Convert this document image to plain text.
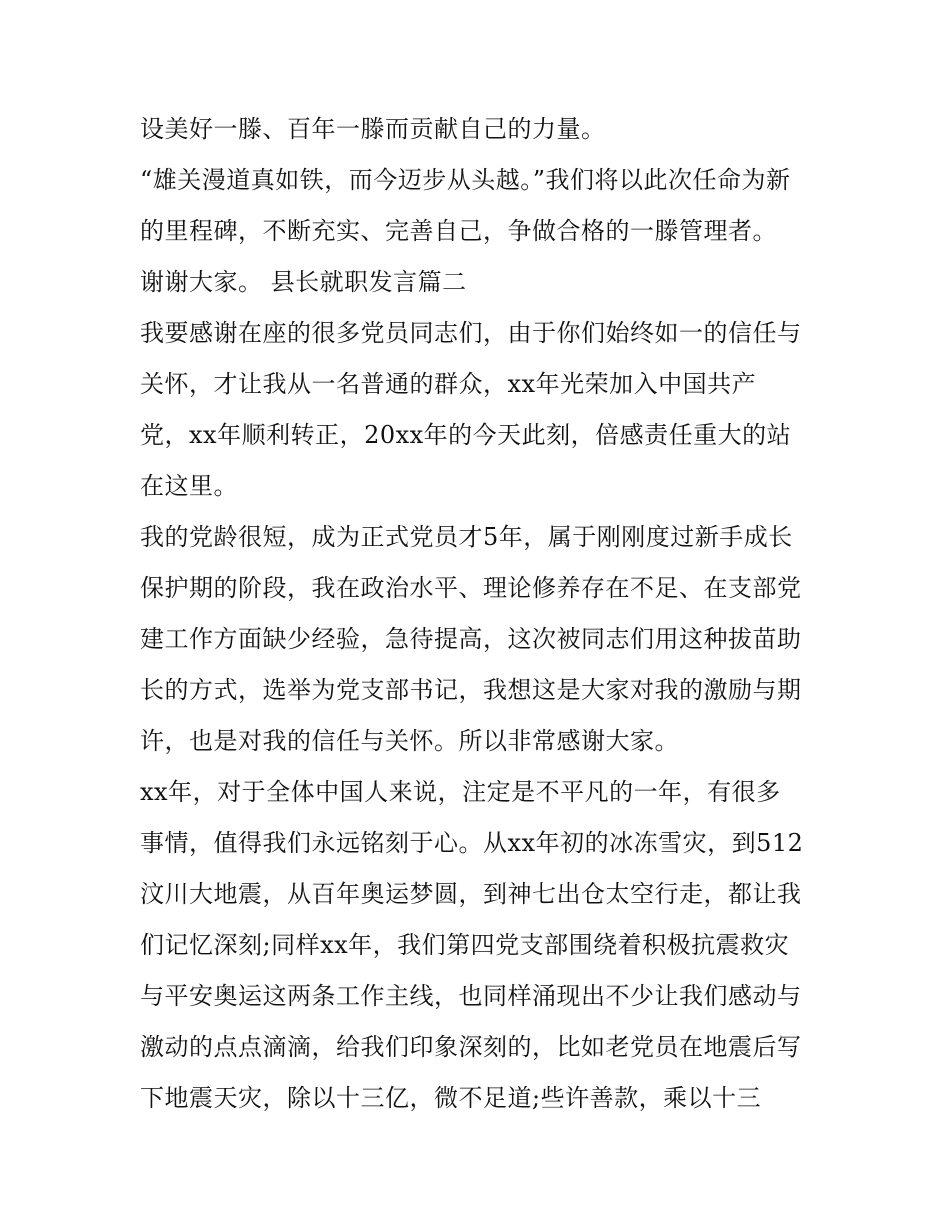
设美好一滕、百年一滕而贡献自己的力量。
“雄关漫道真如铁，而今迈步从头越。”我们将以此次任命为新
的里程碑，不断充实、完善自己，争做合格的一滕管理者。
谢谢大家。 县长就职发言篇二
我要感谢在座的很多党员同志们，由于你们始终如一的信任与
关怀，才让我从一名普通的群众，xx年光荣加入中国共产
党，xx年顺利转正，20xx年的今天此刻，倍感责任重大的站
在这里。
我的党龄很短，成为正式党员才5年，属于刚刚度过新手成长
保护期的阶段，我在政治水平、理论修养存在不足、在支部党
建工作方面缺少经验，急待提高，这次被同志们用这种拔苗助
长的方式，选举为党支部书记，我想这是大家对我的激励与期
许，也是对我的信任与关怀。所以非常感谢大家。
xx年，对于全体中国人来说，注定是不平凡的一年，有很多
事情，值得我们永远铭刻于心。从xx年初的冰冻雪灾，到512
汶川大地震，从百年奥运梦圆，到神七出仓太空行走，都让我
们记忆深刻;同样xx年，我们第四党支部围绕着积极抗震救灾
与平安奥运这两条工作主线，也同样涌现出不少让我们感动与
激动的点点滴滴，给我们印象深刻的，比如老党员在地震后写
下地震天灾，除以十三亿，微不足道;些许善款，乘以十三
